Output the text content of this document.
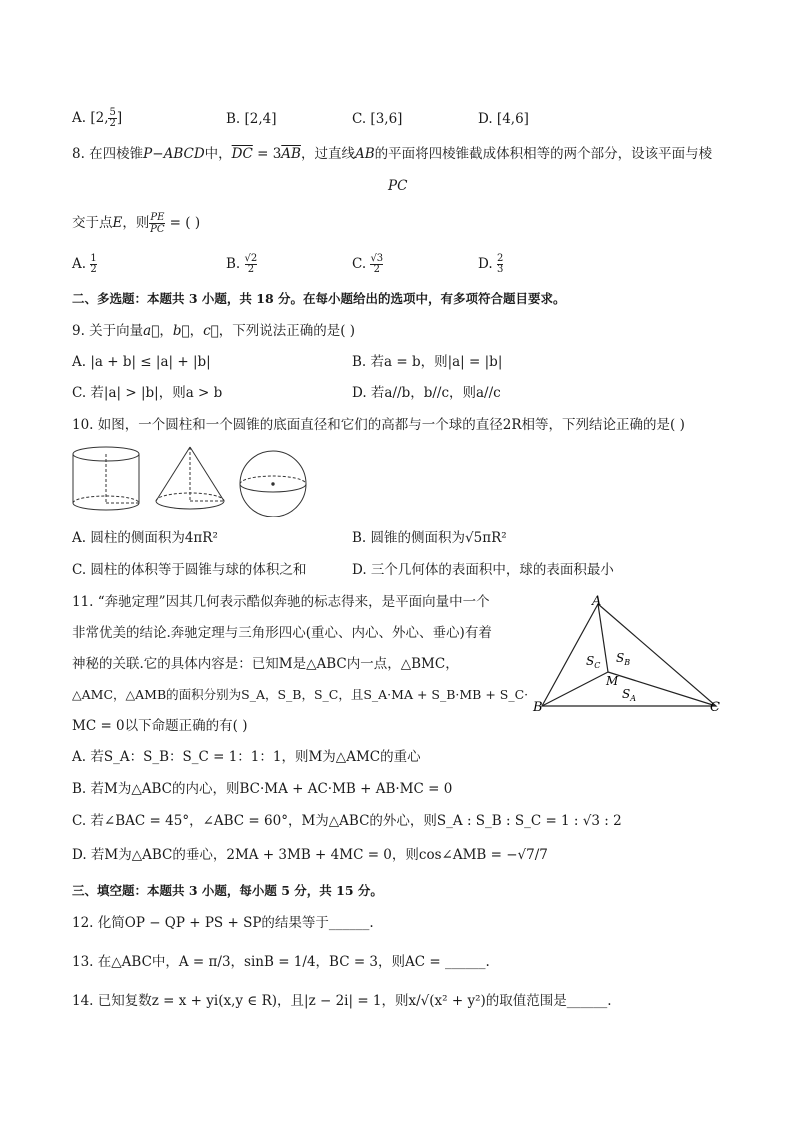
A. [2, $\frac{5}{2}$ ]	B. [2,4]	C. [3,6]	D. [4,6]
8. 在四棱锥P−ABCD中，$\overline{DC} = 3\overline{AB}$，过直线AB的平面将四棱锥截成体积相等的两个部分，设该平面与棱
PC
交于点E，则 $\frac{PE}{PC}$ = ( )
A. $\frac{1}{2}$	B. $\frac{√2}{2}$	C. $\frac{√3}{2}$	D. $\frac{2}{3}$
二、多选题：本题共 3 小题，共 18 分。在每小题给出的选项中，有多项符合题目要求。
9. 关于向量a⃗，b⃗，c⃗，下列说法正确的是( )
A. |a + b| ≤ |a| + |b|	B. 若a = b，则|a| = |b|
C. 若|a| > |b|，则a > b	D. 若a//b，b//c，则a//c
10. 如图，一个圆柱和一个圆锥的底面直径和它们的高都与一个球的直径2R相等，下列结论正确的是( )
A. 圆柱的侧面积为4πR²	B. 圆锥的侧面积为√5πR²
C. 圆柱的体积等于圆锥与球的体积之和	D. 三个几何体的表面积中，球的表面积最小
11. “奔驰定理”因其几何表示酷似奔驰的标志得来，是平面向量中一个
非常优美的结论.奔驰定理与三角形四心(重心、内心、外心、垂心)有着
神秘的关联.它的具体内容是：已知M是△ABC内一点，△BMC，
△AMC，△AMB的面积分别为S_A，S_B，S_C，且S_A·MA + S_B·MB + S_C·
MC = 0以下命题正确的有( )
A
B	C
M
$S_C$
$S_B$
$S_A$
A. 若S_A：S_B：S_C = 1：1：1，则M为△AMC的重心
B. 若M为△ABC的内心，则BC·MA + AC·MB + AB·MC = 0
C. 若∠BAC = 45°，∠ABC = 60°，M为△ABC的外心，则S_A : S_B : S_C = 1 : √3 : 2
D. 若M为△ABC的垂心，2MA + 3MB + 4MC = 0，则cos∠AMB = −√7/7
三、填空题：本题共 3 小题，每小题 5 分，共 15 分。
12. 化简OP − QP + PS + SP的结果等于______.
13. 在△ABC中，A = π/3，sinB = 1/4，BC = 3，则AC = ______.
14. 已知复数z = x + yi(x,y ∈ R)，且|z − 2i| = 1，则x/√(x² + y²)的取值范围是______.
